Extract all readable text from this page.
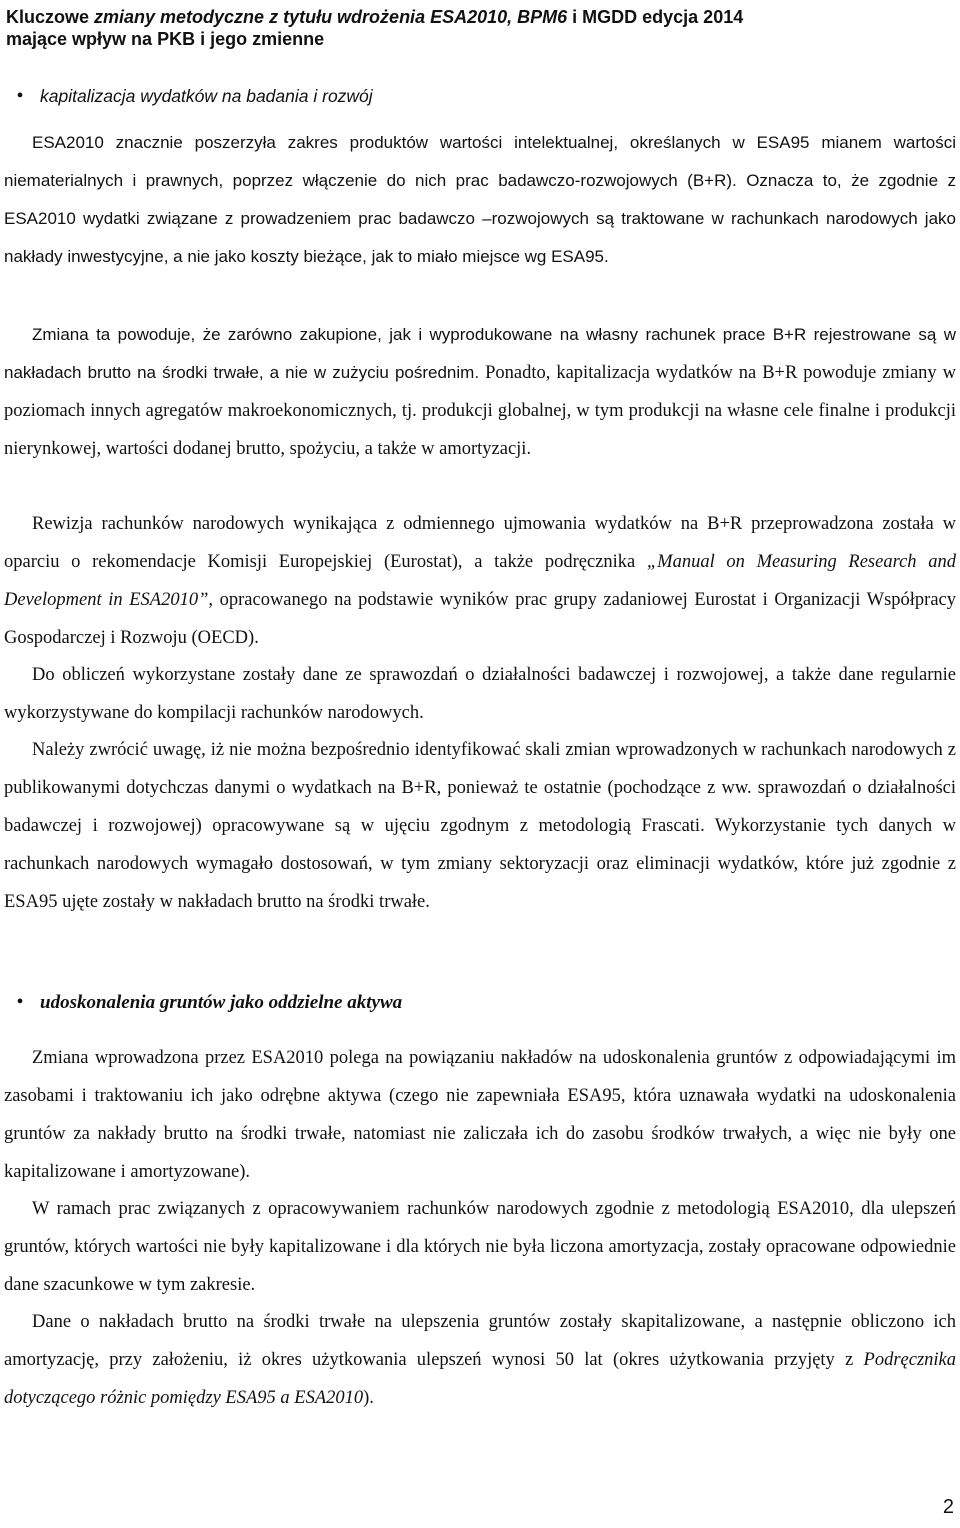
Kluczowe zmiany metodyczne z tytułu wdrożenia ESA2010, BPM6 i MGDD edycja 2014
mające wpływ na PKB i jego zmienne
• kapitalizacja wydatków na badania i rozwój
ESA2010 znacznie poszerzyła zakres produktów wartości intelektualnej, określanych w ESA95 mianem wartości niematerialnych i prawnych, poprzez włączenie do nich prac badawczo-rozwojowych (B+R). Oznacza to, że zgodnie z ESA2010 wydatki związane z prowadzeniem prac badawczo –rozwojowych są traktowane w rachunkach narodowych jako nakłady inwestycyjne, a nie jako koszty bieżące, jak to miało miejsce wg ESA95.
Zmiana ta powoduje, że zarówno zakupione, jak i wyprodukowane na własny rachunek prace B+R rejestrowane są w nakładach brutto na środki trwałe, a nie w zużyciu pośrednim. Ponadto, kapitalizacja wydatków na B+R powoduje zmiany w poziomach innych agregatów makroekonomicznych, tj. produkcji globalnej, w tym produkcji na własne cele finalne i produkcji nierynkowej, wartości dodanej brutto, spożyciu, a także w amortyzacji.
Rewizja rachunków narodowych wynikająca z odmiennego ujmowania wydatków na B+R przeprowadzona została w oparciu o rekomendacje Komisji Europejskiej (Eurostat), a także podręcznika „Manual on Measuring Research and Development in ESA2010”, opracowanego na podstawie wyników prac grupy zadaniowej Eurostat i Organizacji Współpracy Gospodarczej i Rozwoju (OECD).
Do obliczeń wykorzystane zostały dane ze sprawozdań o działalności badawczej i rozwojowej, a także dane regularnie wykorzystywane do kompilacji rachunków narodowych.
Należy zwrócić uwagę, iż nie można bezpośrednio identyfikować skali zmian wprowadzonych w rachunkach narodowych z publikowanymi dotychczas danymi o wydatkach na B+R, ponieważ te ostatnie (pochodzące z ww. sprawozdań o działalności badawczej i rozwojowej) opracowywane są w ujęciu zgodnym z metodologią Frascati. Wykorzystanie tych danych w rachunkach narodowych wymagało dostosowań, w tym zmiany sektoryzacji oraz eliminacji wydatków, które już zgodnie z ESA95 ujęte zostały w nakładach brutto na środki trwałe.
• udoskonalenia gruntów jako oddzielne aktywa
Zmiana wprowadzona przez ESA2010 polega na powiązaniu nakładów na udoskonalenia gruntów z odpowiadającymi im zasobami i traktowaniu ich jako odrębne aktywa (czego nie zapewniała ESA95, która uznawała wydatki na udoskonalenia gruntów za nakłady brutto na środki trwałe, natomiast nie zaliczała ich do zasobu środków trwałych, a więc nie były one kapitalizowane i amortyzowane).
W ramach prac związanych z opracowywaniem rachunków narodowych zgodnie z metodologią ESA2010, dla ulepszeń gruntów, których wartości nie były kapitalizowane i dla których nie była liczona amortyzacja, zostały opracowane odpowiednie dane szacunkowe w tym zakresie.
Dane o nakładach brutto na środki trwałe na ulepszenia gruntów zostały skapitalizowane, a następnie obliczono ich amortyzację, przy założeniu, iż okres użytkowania ulepszeń wynosi 50 lat (okres użytkowania przyjęty z Podręcznika dotyczącego różnic pomiędzy ESA95 a ESA2010).
2
